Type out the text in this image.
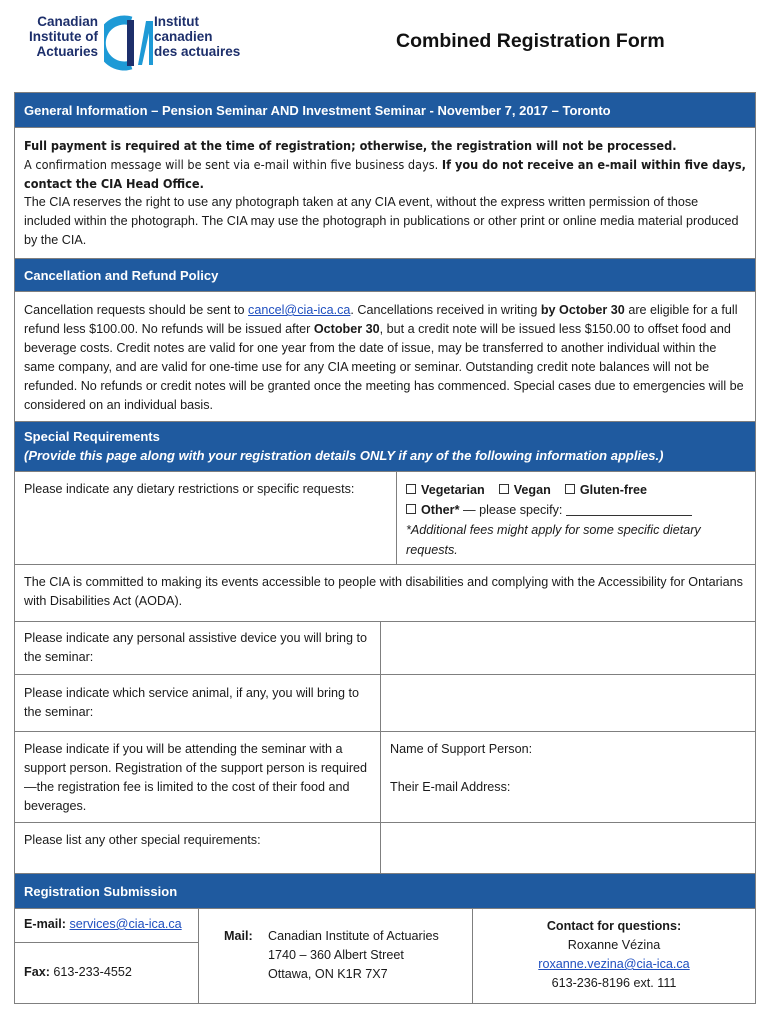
Canadian
Institute of
Actuaries
Institut
canadien
des actuaires	Combined Registration Form
General Information – Pension Seminar AND Investment Seminar - November 7, 2017 – Toronto
Full payment is required at the time of registration; otherwise, the registration will not be processed.
A confirmation message will be sent via e-mail within five business days. If you do not receive an e-mail within five days, contact the CIA Head Office.
The CIA reserves the right to use any photograph taken at any CIA event, without the express written permission of those included within the photograph. The CIA may use the photograph in publications or other print or online media material produced by the CIA.
Cancellation and Refund Policy
Cancellation requests should be sent to cancel@cia-ica.ca. Cancellations received in writing by October 30 are eligible for a full refund less $100.00. No refunds will be issued after October 30, but a credit note will be issued less $150.00 to offset food and beverage costs. Credit notes are valid for one year from the date of issue, may be transferred to another individual within the same company, and are valid for one-time use for any CIA meeting or seminar. Outstanding credit note balances will not be refunded. No refunds or credit notes will be granted once the meeting has commenced. Special cases due to emergencies will be considered on an individual basis.
Special Requirements
(Provide this page along with your registration details ONLY if any of the following information applies.)
Please indicate any dietary restrictions or specific requests:	Vegetarian Vegan Gluten-free
Other* — please specify:
*Additional fees might apply for some specific dietary requests.
The CIA is committed to making its events accessible to people with disabilities and complying with the Accessibility for Ontarians with Disabilities Act (AODA).
Please indicate any personal assistive device you will bring to the seminar:
Please indicate which service animal, if any, you will bring to the seminar:
Please indicate if you will be attending the seminar with a support person. Registration of the support person is required—the registration fee is limited to the cost of their food and beverages.
Name of Support Person:
Their E-mail Address:
Please list any other special requirements:
Registration Submission
E-mail: services@cia-ica.ca
Fax: 613-233-4552
Mail:	Canadian Institute of Actuaries
1740 – 360 Albert Street
Ottawa, ON K1R 7X7
Contact for questions:
Roxanne Vézina
roxanne.vezina@cia-ica.ca
613-236-8196 ext. 111
